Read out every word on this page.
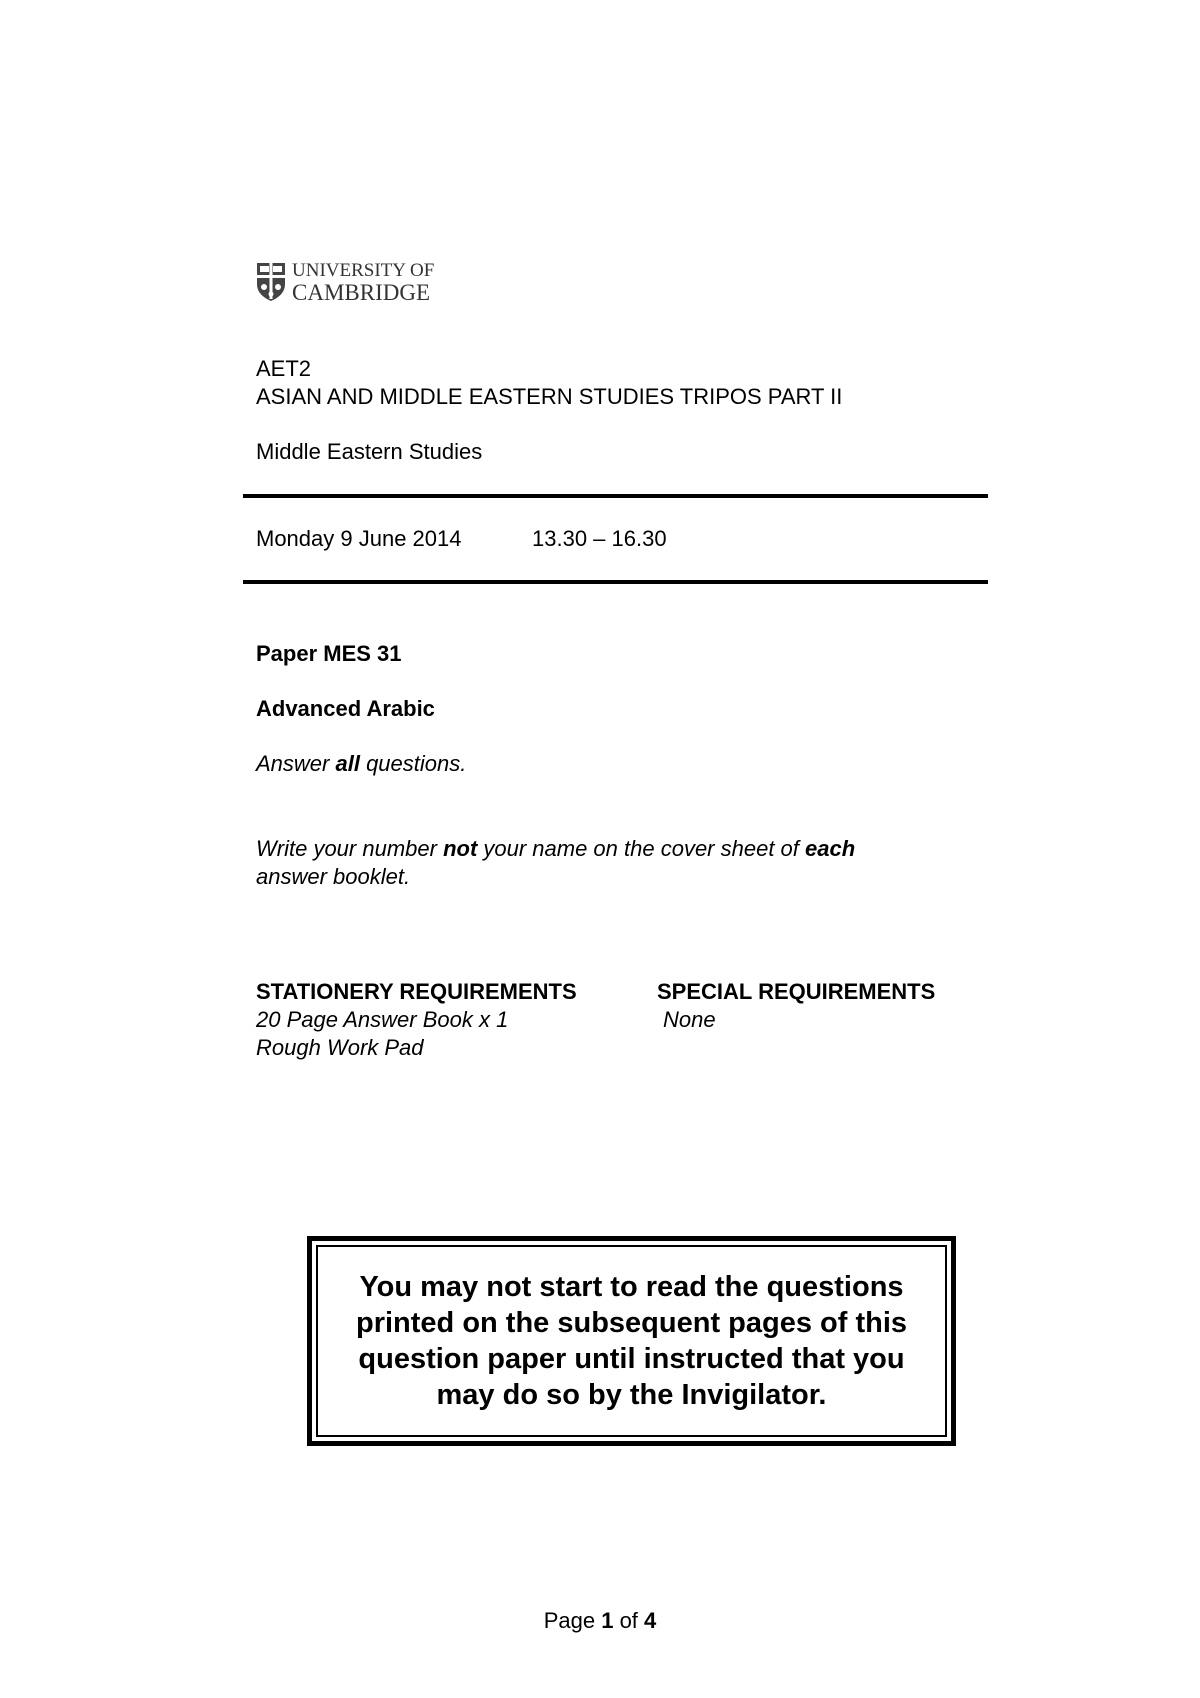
UNIVERSITY OF
CAMBRIDGE
AET2
ASIAN AND MIDDLE EASTERN STUDIES TRIPOS PART II
Middle Eastern Studies
Monday 9 June 2014	13.30 – 16.30
Paper MES 31
Advanced Arabic
Answer all questions.
Write your number not your name on the cover sheet of each
answer booklet.
STATIONERY REQUIREMENTS
20 Page Answer Book x 1
Rough Work Pad
SPECIAL REQUIREMENTS
None
You may not start to read the questions printed on the subsequent pages of this question paper until instructed that you may do so by the Invigilator.
Page 1 of 4
